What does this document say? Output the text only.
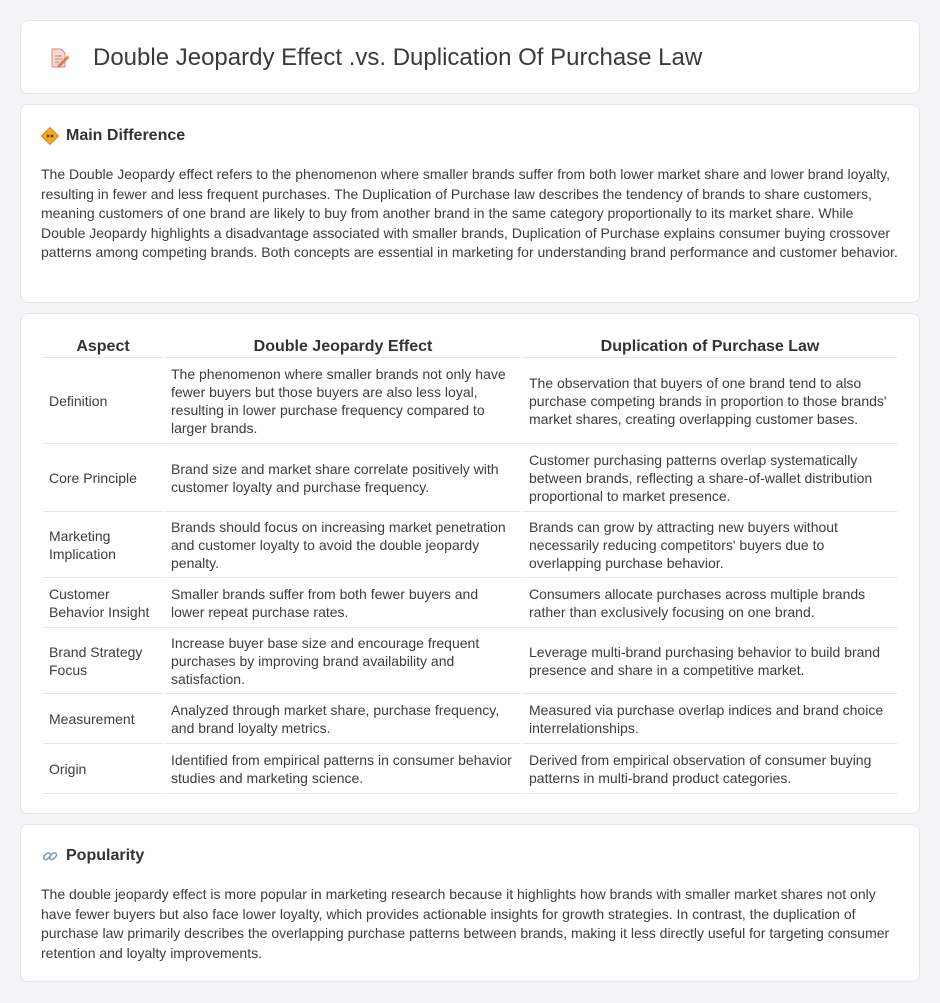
Double Jeopardy Effect .vs. Duplication Of Purchase Law
Main Difference

The Double Jeopardy effect refers to the phenomenon where smaller brands suffer from both lower market share and lower brand loyalty, resulting in fewer and less frequent purchases. The Duplication of Purchase law describes the tendency of brands to share customers, meaning customers of one brand are likely to buy from another brand in the same category proportionally to its market share. While Double Jeopardy highlights a disadvantage associated with smaller brands, Duplication of Purchase explains consumer buying crossover patterns among competing brands. Both concepts are essential in marketing for understanding brand performance and customer behavior.

Aspect	Double Jeopardy Effect	Duplication of Purchase Law
Definition	The phenomenon where smaller brands not only have fewer buyers but those buyers are also less loyal, resulting in lower purchase frequency compared to larger brands.	The observation that buyers of one brand tend to also purchase competing brands in proportion to those brands' market shares, creating overlapping customer bases.
Core Principle	Brand size and market share correlate positively with customer loyalty and purchase frequency.	Customer purchasing patterns overlap systematically between brands, reflecting a share-of-wallet distribution proportional to market presence.
Marketing Implication	Brands should focus on increasing market penetration and customer loyalty to avoid the double jeopardy penalty.	Brands can grow by attracting new buyers without necessarily reducing competitors' buyers due to overlapping purchase behavior.
Customer Behavior Insight	Smaller brands suffer from both fewer buyers and lower repeat purchase rates.	Consumers allocate purchases across multiple brands rather than exclusively focusing on one brand.
Brand Strategy Focus	Increase buyer base size and encourage frequent purchases by improving brand availability and satisfaction.	Leverage multi-brand purchasing behavior to build brand presence and share in a competitive market.
Measurement	Analyzed through market share, purchase frequency, and brand loyalty metrics.	Measured via purchase overlap indices and brand choice interrelationships.
Origin	Identified from empirical patterns in consumer behavior studies and marketing science.	Derived from empirical observation of consumer buying patterns in multi-brand product categories.
Popularity

The double jeopardy effect is more popular in marketing research because it highlights how brands with smaller market shares not only have fewer buyers but also face lower loyalty, which provides actionable insights for growth strategies. In contrast, the duplication of purchase law primarily describes the overlapping purchase patterns between brands, making it less directly useful for targeting consumer retention and loyalty improvements.
